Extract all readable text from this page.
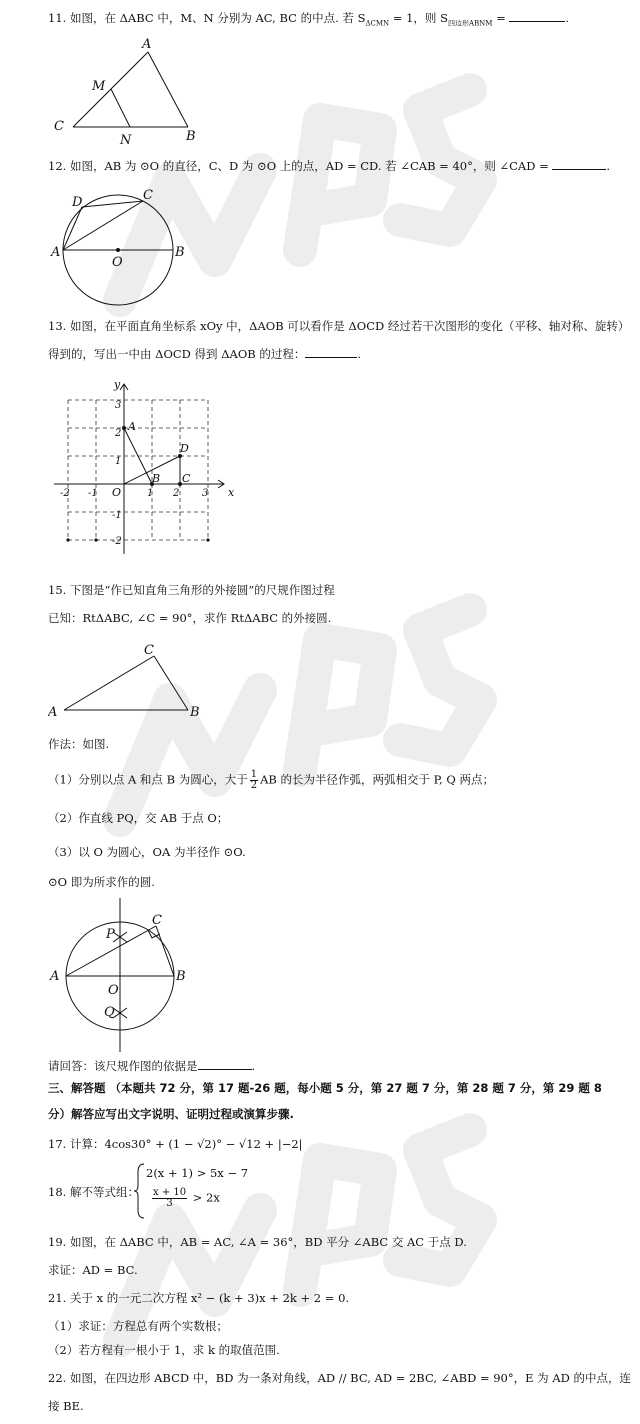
11. 如图，在 ΔABC 中，M、N 分别为 AC, BC 的中点. 若 $S_{\Delta CMN} = 1$，则 $S_{四边形ABNM}$ =	.
A
M
C
N	B
12. 如图，AB 为 ⊙O 的直径，C、D 为 ⊙O 上的点，AD = CD. 若 ∠CAB = 40°，则 ∠CAD =	.
D	C
A
O
B
13. 如图，在平面直角坐标系 xOy 中，ΔAOB 可以看作是 ΔOCD 经过若干次图形的变化（平移、轴对称、旋转）
得到的，写出一中由 ΔOCD 得到 ΔAOB 的过程：	.
x
y
O
A
B C
D
-2 -1	1 2 3
3
2
1
-1
-2
15. 下图是“作已知直角三角形的外接圆”的尺规作图过程
已知：RtΔABC, ∠C = 90°，求作 RtΔABC 的外接圆.
A	B
C
作法：如图.
（1）分别以点 A 和点 B 为圆心，大于 $\frac{1}{2}$ AB 的长为半径作弧，两弧相交于 P, Q 两点；
（2）作直线 PQ，交 AB 于点 O；
（3）以 O 为圆心，OA 为半径作 ⊙O.
⊙O 即为所求作的圆.
A	B
C
P
O
Q
请回答：该尺规作图的依据是	.
三、解答题 （本题共 72 分，第 17 题-26 题，每小题 5 分，第 27 题 7 分，第 28 题 7 分，第 29 题 8
分）解答应写出文字说明、证明过程或演算步骤.
17. 计算：4cos30° + (1 − √2)° − √12 + |−2|
18. 解不等式组：
2(x + 1) > 5x − 7
$\frac{x + 10}{3} > 2x$
19. 如图，在 ΔABC 中，AB = AC, ∠A = 36°，BD 平分 ∠ABC 交 AC 于点 D.
求证：AD = BC.
21. 关于 x 的一元二次方程 x² − (k + 3)x + 2k + 2 = 0.
（1）求证：方程总有两个实数根；
（2）若方程有一根小于 1，求 k 的取值范围.
22. 如图，在四边形 ABCD 中，BD 为一条对角线，AD // BC, AD = 2BC, ∠ABD = 90°，E 为 AD 的中点，连
接 BE.
